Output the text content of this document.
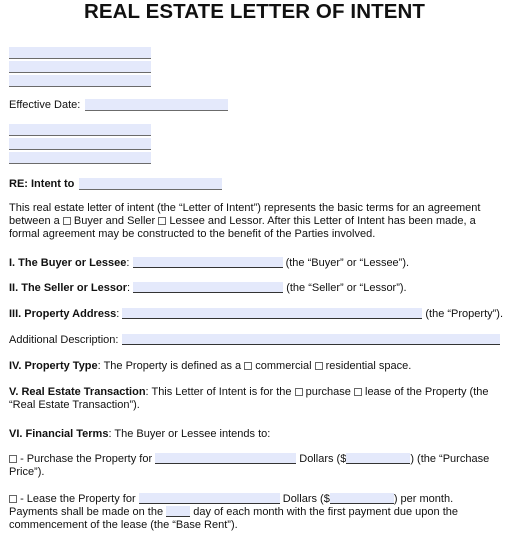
REAL ESTATE LETTER OF INTENT
Effective Date:
RE: Intent to
This real estate letter of intent (the “Letter of Intent”) represents the basic terms for an agreement
between a Buyer and Seller Lessee and Lessor. After this Letter of Intent has been made, a
formal agreement may be constructed to the benefit of the Parties involved.
I. The Buyer or Lessee:	(the “Buyer” or “Lessee”).
II. The Seller or Lessor:	(the “Seller” or “Lessor”).
III. Property Address:	(the “Property”).
Additional Description:
IV. Property Type: The Property is defined as a commercial residential space.
V. Real Estate Transaction: This Letter of Intent is for the purchase lease of the Property (the
“Real Estate Transaction”).
VI. Financial Terms: The Buyer or Lessee intends to:
- Purchase the Property for	Dollars ($	) (the “Purchase
Price”).
- Lease the Property for	Dollars ($	) per month.
Payments shall be made on the	day of each month with the first payment due upon the
commencement of the lease (the “Base Rent”).
